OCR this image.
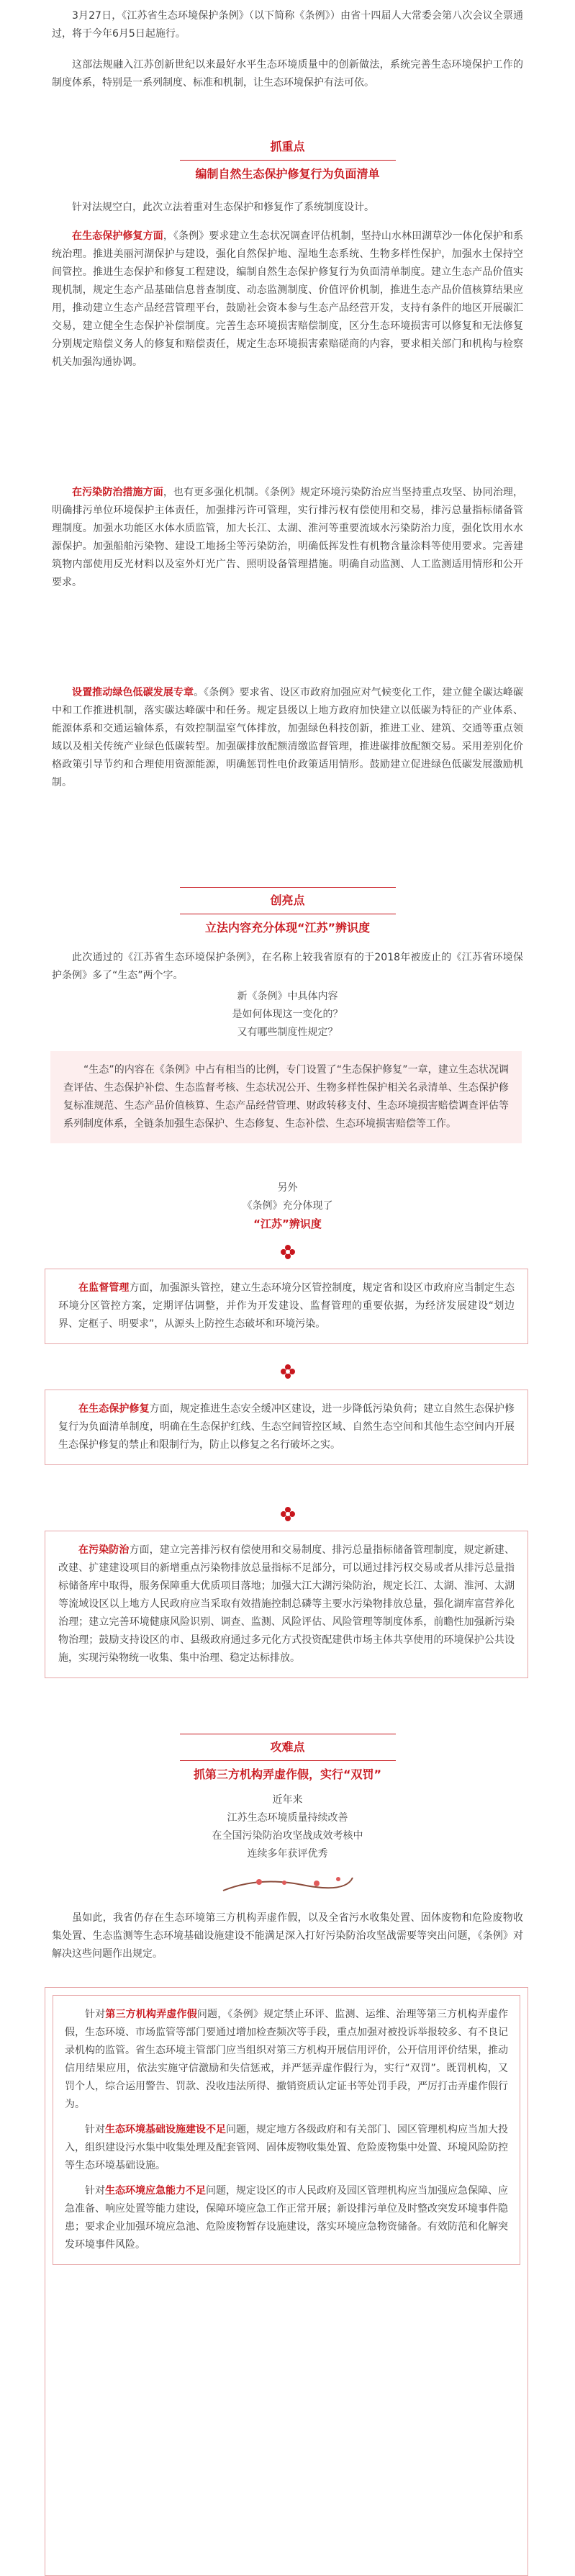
3月27日，《江苏省生态环境保护条例》（以下简称《条例》）由省十四届人大常委会第八次会议全票通过，将于今年6月5日起施行。

这部法规融入江苏创新世纪以来最好水平生态环境质量中的创新做法，系统完善生态环境保护工作的制度体系，特别是一系列制度、标准和机制，让生态环境保护有法可依。

抓重点
编制自然生态保护修复行为负面清单

针对法规空白，此次立法着重对生态保护和修复作了系统制度设计。

在生态保护修复方面，《条例》要求建立生态状况调查评估机制，坚持山水林田湖草沙一体化保护和系统治理。推进美丽河湖保护与建设，强化自然保护地、湿地生态系统、生物多样性保护，加强水土保持空间管控。推进生态保护和修复工程建设，编制自然生态保护修复行为负面清单制度。建立生态产品价值实现机制，规定生态产品基础信息普查制度、动态监测制度、价值评价机制，推进生态产品价值核算结果应用，推动建立生态产品经营管理平台，鼓励社会资本参与生态产品经营开发，支持有条件的地区开展碳汇交易，建立健全生态保护补偿制度。完善生态环境损害赔偿制度，区分生态环境损害可以修复和无法修复分别规定赔偿义务人的修复和赔偿责任，规定生态环境损害索赔磋商的内容，要求相关部门和机构与检察机关加强沟通协调。

在污染防治措施方面，也有更多强化机制。《条例》规定环境污染防治应当坚持重点攻坚、协同治理，明确排污单位环境保护主体责任，加强排污许可管理，实行排污权有偿使用和交易，排污总量指标储备管理制度。加强水功能区水体水质监管，加大长江、太湖、淮河等重要流域水污染防治力度，强化饮用水水源保护。加强船舶污染物、建设工地扬尘等污染防治，明确低挥发性有机物含量涂料等使用要求。完善建筑物内部使用反光材料以及室外灯光广告、照明设备管理措施。明确自动监测、人工监测适用情形和公开要求。

设置推动绿色低碳发展专章。《条例》要求省、设区市政府加强应对气候变化工作，建立健全碳达峰碳中和工作推进机制，落实碳达峰碳中和任务。规定县级以上地方政府加快建立以低碳为特征的产业体系、能源体系和交通运输体系，有效控制温室气体排放，加强绿色科技创新，推进工业、建筑、交通等重点领域以及相关传统产业绿色低碳转型。加强碳排放配额清缴监督管理，推进碳排放配额交易。采用差别化价格政策引导节约和合理使用资源能源，明确惩罚性电价政策适用情形。鼓励建立促进绿色低碳发展激励机制。

创亮点
立法内容充分体现“江苏”辨识度

此次通过的《江苏省生态环境保护条例》，在名称上较我省原有的于2018年被废止的《江苏省环境保护条例》多了“生态”两个字。

新《条例》中具体内容

是如何体现这一变化的？

又有哪些制度性规定？

“生态”的内容在《条例》中占有相当的比例，专门设置了“生态保护修复”一章，建立生态状况调查评估、生态保护补偿、生态监督考核、生态状况公开、生物多样性保护相关名录清单、生态保护修复标准规范、生态产品价值核算、生态产品经营管理、财政转移支付、生态环境损害赔偿调查评估等系列制度体系，全链条加强生态保护、生态修复、生态补偿、生态环境损害赔偿等工作。

另外

《条例》充分体现了

“江苏”辨识度

在监督管理方面，加强源头管控，建立生态环境分区管控制度，规定省和设区市政府应当制定生态环境分区管控方案，定期评估调整，并作为开发建设、监督管理的重要依据，为经济发展建设“划边界、定框子、明要求”，从源头上防控生态破坏和环境污染。

在生态保护修复方面，规定推进生态安全缓冲区建设，进一步降低污染负荷；建立自然生态保护修复行为负面清单制度，明确在生态保护红线、生态空间管控区域、自然生态空间和其他生态空间内开展生态保护修复的禁止和限制行为，防止以修复之名行破坏之实。

在污染防治方面，建立完善排污权有偿使用和交易制度、排污总量指标储备管理制度，规定新建、改建、扩建建设项目的新增重点污染物排放总量指标不足部分，可以通过排污权交易或者从排污总量指标储备库中取得，服务保障重大优质项目落地；加强大江大湖污染防治，规定长江、太湖、淮河、太湖等流域设区以上地方人民政府应当采取有效措施控制总磷等主要水污染物排放总量，强化湖库富营养化治理；建立完善环境健康风险识别、调查、监测、风险评估、风险管理等制度体系，前瞻性加强新污染物治理；鼓励支持设区的市、县级政府通过多元化方式投资配建供市场主体共享使用的环境保护公共设施，实现污染物统一收集、集中治理、稳定达标排放。

攻难点
抓第三方机构弄虚作假，实行“双罚”

近年来

江苏生态环境质量持续改善

在全国污染防治攻坚战成效考核中

连续多年获评优秀

虽如此，我省仍存在生态环境第三方机构弄虚作假，以及全省污水收集处置、固体废物和危险废物收集处置、生态监测等生态环境基础设施建设不能满足深入打好污染防治攻坚战需要等突出问题，《条例》对解决这些问题作出规定。

针对第三方机构弄虚作假问题，《条例》规定禁止环评、监测、运维、治理等第三方机构弄虚作假，生态环境、市场监管等部门要通过增加检查频次等手段，重点加强对被投诉举报较多、有不良记录机构的监管。省生态环境主管部门应当组织对第三方机构开展信用评价，公开信用评价结果，推动信用结果应用，依法实施守信激励和失信惩戒，并严惩弄虚作假行为，实行“双罚”。既罚机构，又罚个人，综合运用警告、罚款、没收违法所得、撤销资质认定证书等处罚手段，严厉打击弄虚作假行为。

针对生态环境基础设施建设不足问题，规定地方各级政府和有关部门、园区管理机构应当加大投入，组织建设污水集中收集处理及配套管网、固体废物收集处置、危险废物集中处置、环境风险防控等生态环境基础设施。

针对生态环境应急能力不足问题，规定设区的市人民政府及园区管理机构应当加强应急保障、应急准备、响应处置等能力建设，保障环境应急工作正常开展；新设排污单位及时整改突发环境事件隐患；要求企业加强环境应急池、危险废物暂存设施建设，落实环境应急物资储备。有效防范和化解突发环境事件风险。
